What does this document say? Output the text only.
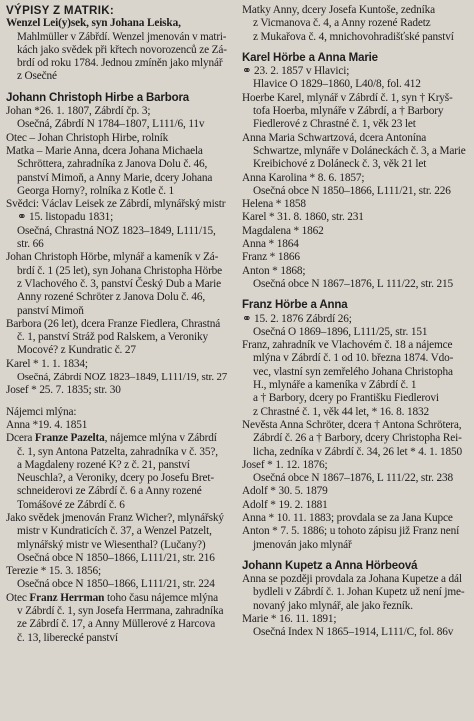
VÝPISY Z MATRIK:
Wenzel Lei(y)sek, syn Johana Leiska,
Mahlmüller v Zábřdí. Wenzel jmenován v matri-
kách jako svědek při křtech novorozenců ze Zá-
brdí od roku 1784. Jednou zmíněn jako mlynář
z Osečné
Johann Christoph Hirbe a Barbora
Johan *26. 1. 1807, Zábrdí čp. 3;
Osečná, Zábrdí N 1784–1807, L111/6, 11v
Otec – Johan Christoph Hirbe, rolník
Matka – Marie Anna, dcera Johana Michaela
Schröttera, zahradníka z Janova Dolu č. 46,
panství Mimoň, a Anny Marie, dcery Johana
Georga Horny?, rolníka z Kotle č. 1
Svědci: Václav Leisek ze Zábrdí, mlynářský mistr
⚭ 15. listopadu 1831;
Osečná, Chrastná NOZ 1823–1849, L111/15,
str. 66
Johan Christoph Hörbe, mlynář a kameník v Zá-
brdí č. 1 (25 let), syn Johana Christopha Hörbe
z Vlachového č. 3, panství Český Dub a Marie
Anny rozené Schröter z Janova Dolu č. 46,
panství Mimoň
Barbora (26 let), dcera Franze Fiedlera, Chrastná
č. 1, panství Stráž pod Ralskem, a Veroniky
Mocové? z Kundratic č. 27
Karel * 1. 1. 1834;
Osečná, Zábrdí NOZ 1823–1849, L111/19, str. 27
Josef * 25. 7. 1835; str. 30
Nájemci mlýna:
Anna *19. 4. 1851
Dcera Franze Pazelta, nájemce mlýna v Zábrdí
č. 1, syn Antona Patzelta, zahradníka v č. 35?,
a Magdaleny rozené K? z č. 21, panství
Neuschla?, a Veroniky, dcery po Josefu Bret-
schneiderovi ze Zábrdí č. 6 a Anny rozené
Tomášové ze Zábrdí č. 6
Jako svědek jmenován Franz Wicher?, mlynářský
mistr v Kundraticích č. 37, a Wenzel Patzelt,
mlynářský mistr ve Wiesenthal? (Lučany?)
Osečná obce N 1850–1866, L111/21, str. 216
Terezie * 15. 3. 1856;
Osečná obce N 1850–1866, L111/21, str. 224
Otec Franz Herrman toho času nájemce mlýna
v Zábrdí č. 1, syn Josefa Herrmana, zahradníka
ze Zábrdí č. 17, a Anny Müllerové z Harcova
č. 13, liberecké panství
Matky Anny, dcery Josefa Kuntoše, zedníka
z Vicmanova č. 4, a Anny rozené Radetz
z Mukařova č. 4, mnichovohradišťské panství
Karel Hörbe a Anna Marie
⚭ 23. 2. 1857 v Hlavici;
Hlavice O 1829–1860, L40/8, fol. 412
Hoerbe Karel, mlynář v Zábrdí č. 1, syn † Kryš-
tofa Hoerba, mlynáře v Zábrdí, a † Barbory
Fiedlerové z Chrastné č. 1, věk 23 let
Anna Maria Schwartzová, dcera Antonína
Schwartze, mlynáře v Doláneckách č. 3, a Marie
Kreibichové z Doláneck č. 3, věk 21 let
Anna Karolina * 8. 6. 1857;
Osečná obce N 1850–1866, L111/21, str. 226
Helena * 1858
Karel * 31. 8. 1860, str. 231
Magdalena * 1862
Anna * 1864
Franz * 1866
Anton * 1868;
Osečná obce N 1867–1876, L 111/22, str. 215
Franz Hörbe a Anna
⚭ 15. 2. 1876 Zábrdí 26;
Osečná O 1869–1896, L111/25, str. 151
Franz, zahradník ve Vlachovém č. 18 a nájemce
mlýna v Zábrdí č. 1 od 10. března 1874. Vdo-
vec, vlastní syn zemřelého Johana Christopha
H., mlynáře a kameníka v Zábrdí č. 1
a † Barbory, dcery po Františku Fiedlerovi
z Chrastné č. 1, věk 44 let, * 16. 8. 1832
Nevěsta Anna Schröter, dcera † Antona Schrötera,
Zábrdí č. 26 a † Barbory, dcery Christopha Rei-
licha, zedníka v Zábrdí č. 34, 26 let * 4. 1. 1850
Josef * 1. 12. 1876;
Osečná obce N 1867–1876, L 111/22, str. 238
Adolf * 30. 5. 1879
Adolf * 19. 2. 1881
Anna * 10. 11. 1883; provdala se za Jana Kupce
Anton * 7. 5. 1886; u tohoto zápisu již Franz není
jmenován jako mlynář
Johann Kupetz a Anna Hörbeová
Anna se později provdala za Johana Kupetze a dál
bydleli v Zábrdí č. 1. Johan Kupetz už není jme-
novaný jako mlynář, ale jako řezník.
Marie * 16. 11. 1891;
Osečná Index N 1865–1914, L111/C, fol. 86v
